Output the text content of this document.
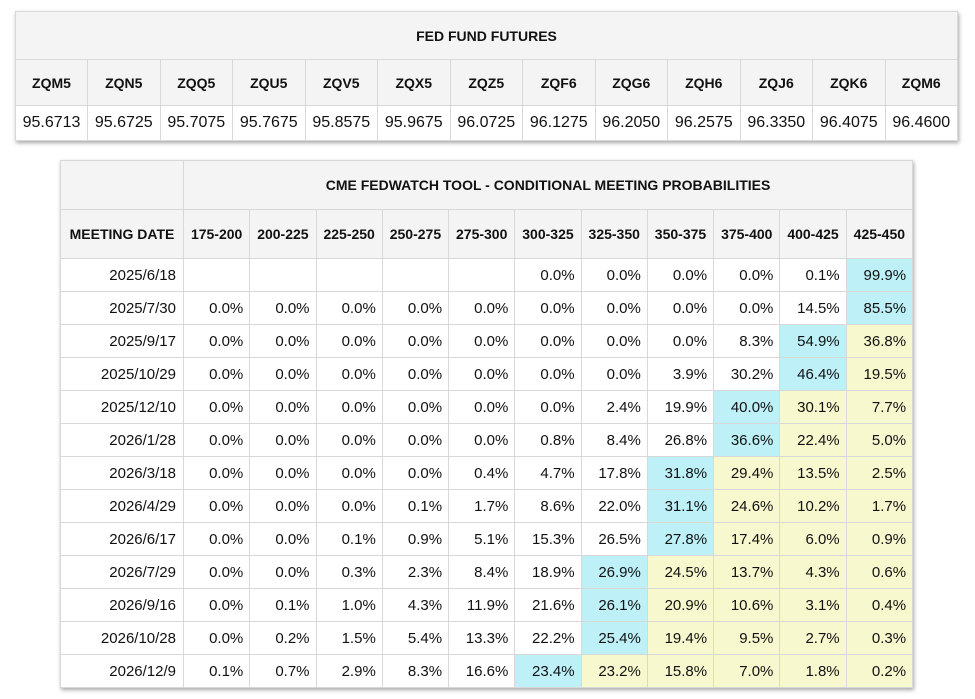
FED FUND FUTURES												
ZQM5	ZQN5	ZQQ5	ZQU5	ZQV5	ZQX5	ZQZ5	ZQF6	ZQG6	ZQH6	ZQJ6	ZQK6	ZQM6
95.6713	95.6725	95.7075	95.7675	95.8575	95.9675	96.0725	96.1275	96.2050	96.2575	96.3350	96.4075	96.4600
	CME FEDWATCH TOOL - CONDITIONAL MEETING PROBABILITIES										
MEETING DATE	175-200	200-225	225-250	250-275	275-300	300-325	325-350	350-375	375-400	400-425	425-450
2025/6/18						0.0%	0.0%	0.0%	0.0%	0.1%	99.9%
2025/7/30	0.0%	0.0%	0.0%	0.0%	0.0%	0.0%	0.0%	0.0%	0.0%	14.5%	85.5%
2025/9/17	0.0%	0.0%	0.0%	0.0%	0.0%	0.0%	0.0%	0.0%	8.3%	54.9%	36.8%
2025/10/29	0.0%	0.0%	0.0%	0.0%	0.0%	0.0%	0.0%	3.9%	30.2%	46.4%	19.5%
2025/12/10	0.0%	0.0%	0.0%	0.0%	0.0%	0.0%	2.4%	19.9%	40.0%	30.1%	7.7%
2026/1/28	0.0%	0.0%	0.0%	0.0%	0.0%	0.8%	8.4%	26.8%	36.6%	22.4%	5.0%
2026/3/18	0.0%	0.0%	0.0%	0.0%	0.4%	4.7%	17.8%	31.8%	29.4%	13.5%	2.5%
2026/4/29	0.0%	0.0%	0.0%	0.1%	1.7%	8.6%	22.0%	31.1%	24.6%	10.2%	1.7%
2026/6/17	0.0%	0.0%	0.1%	0.9%	5.1%	15.3%	26.5%	27.8%	17.4%	6.0%	0.9%
2026/7/29	0.0%	0.0%	0.3%	2.3%	8.4%	18.9%	26.9%	24.5%	13.7%	4.3%	0.6%
2026/9/16	0.0%	0.1%	1.0%	4.3%	11.9%	21.6%	26.1%	20.9%	10.6%	3.1%	0.4%
2026/10/28	0.0%	0.2%	1.5%	5.4%	13.3%	22.2%	25.4%	19.4%	9.5%	2.7%	0.3%
2026/12/9	0.1%	0.7%	2.9%	8.3%	16.6%	23.4%	23.2%	15.8%	7.0%	1.8%	0.2%
